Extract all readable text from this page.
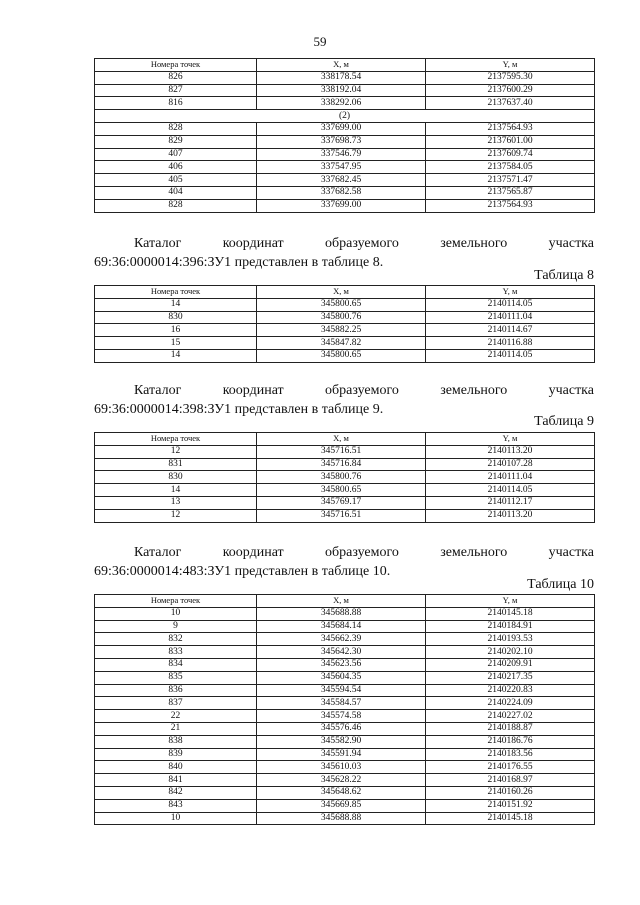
59
Номера точек	X, м	Y, м
826	338178.54	2137595.30
827	338192.04	2137600.29
816	338292.06	2137637.40
(2)		
828	337699.00	2137564.93
829	337698.73	2137601.00
407	337546.79	2137609.74
406	337547.95	2137584.05
405	337682.45	2137571.47
404	337682.58	2137565.87
828	337699.00	2137564.93
Каталог	координат	образуемого	земельного	участка
69:36:0000014:396:ЗУ1 представлен в таблице 8.
Таблица 8
Номера точек	X, м	Y, м
14	345800.65	2140114.05
830	345800.76	2140111.04
16	345882.25	2140114.67
15	345847.82	2140116.88
14	345800.65	2140114.05
Каталог	координат	образуемого	земельного	участка
69:36:0000014:398:ЗУ1 представлен в таблице 9.
Таблица 9
Номера точек	X, м	Y, м
12	345716.51	2140113.20
831	345716.84	2140107.28
830	345800.76	2140111.04
14	345800.65	2140114.05
13	345769.17	2140112.17
12	345716.51	2140113.20
Каталог	координат	образуемого	земельного	участка
69:36:0000014:483:ЗУ1 представлен в таблице 10.
Таблица 10
Номера точек	X, м	Y, м
10	345688.88	2140145.18
9	345684.14	2140184.91
832	345662.39	2140193.53
833	345642.30	2140202.10
834	345623.56	2140209.91
835	345604.35	2140217.35
836	345594.54	2140220.83
837	345584.57	2140224.09
22	345574.58	2140227.02
21	345576.46	2140188.87
838	345582.90	2140186.76
839	345591.94	2140183.56
840	345610.03	2140176.55
841	345628.22	2140168.97
842	345648.62	2140160.26
843	345669.85	2140151.92
10	345688.88	2140145.18
